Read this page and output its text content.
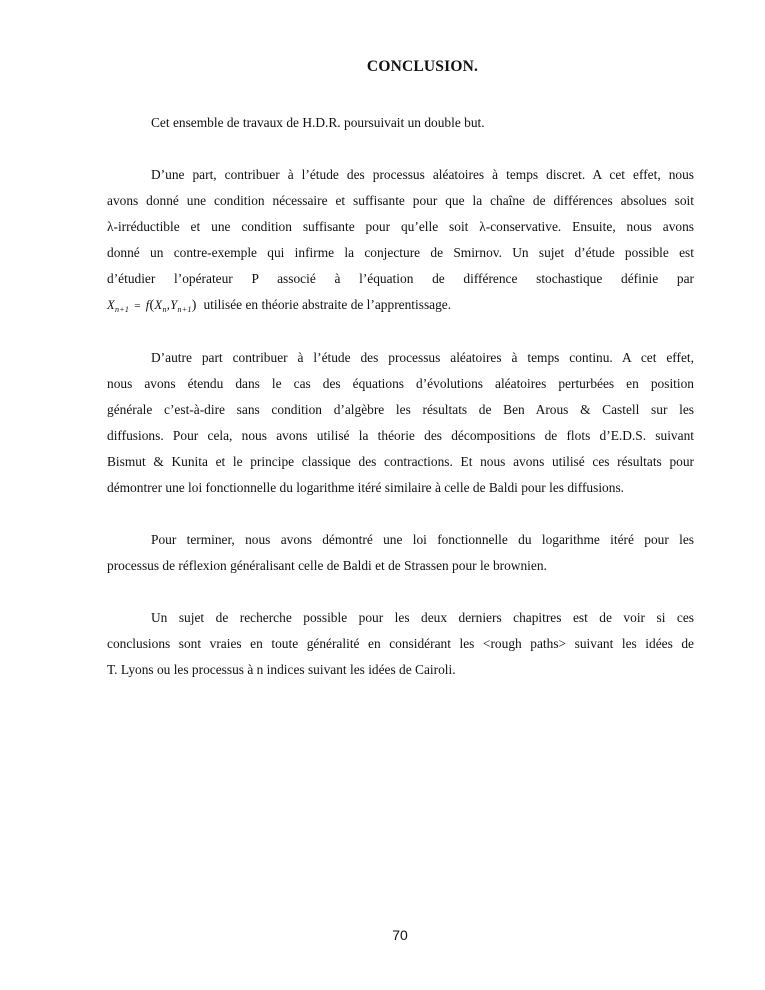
CONCLUSION.

Cet ensemble de travaux de H.D.R. poursuivait un double but.

D’une part, contribuer à l’étude des processus aléatoires à temps discret. A cet effet, nous
avons donné une condition nécessaire et suffisante pour que la chaîne de différences absolues soit
λ-irréductible et une condition suffisante pour qu’elle soit λ-conservative. Ensuite, nous avons
donné un contre-exemple qui infirme la conjecture de Smirnov. Un sujet d’étude possible est
d’étudier l’opérateur P associé à l’équation de différence stochastique définie par
$X_{n+1} = f(X_n,Y_{n+1})$ utilisée en théorie abstraite de l’apprentissage.

D’autre part contribuer à l’étude des processus aléatoires à temps continu. A cet effet,
nous avons étendu dans le cas des équations d’évolutions aléatoires perturbées en position
générale c’est-à-dire sans condition d’algèbre les résultats de Ben Arous & Castell sur les
diffusions. Pour cela, nous avons utilisé la théorie des décompositions de flots d’E.D.S. suivant
Bismut & Kunita et le principe classique des contractions. Et nous avons utilisé ces résultats pour
démontrer une loi fonctionnelle du logarithme itéré similaire à celle de Baldi pour les diffusions.

Pour terminer, nous avons démontré une loi fonctionnelle du logarithme itéré pour les
processus de réflexion généralisant celle de Baldi et de Strassen pour le brownien.

Un sujet de recherche possible pour les deux derniers chapitres est de voir si ces
conclusions sont vraies en toute généralité en considérant les <rough paths> suivant les idées de
T. Lyons ou les processus à n indices suivant les idées de Cairoli.

70
